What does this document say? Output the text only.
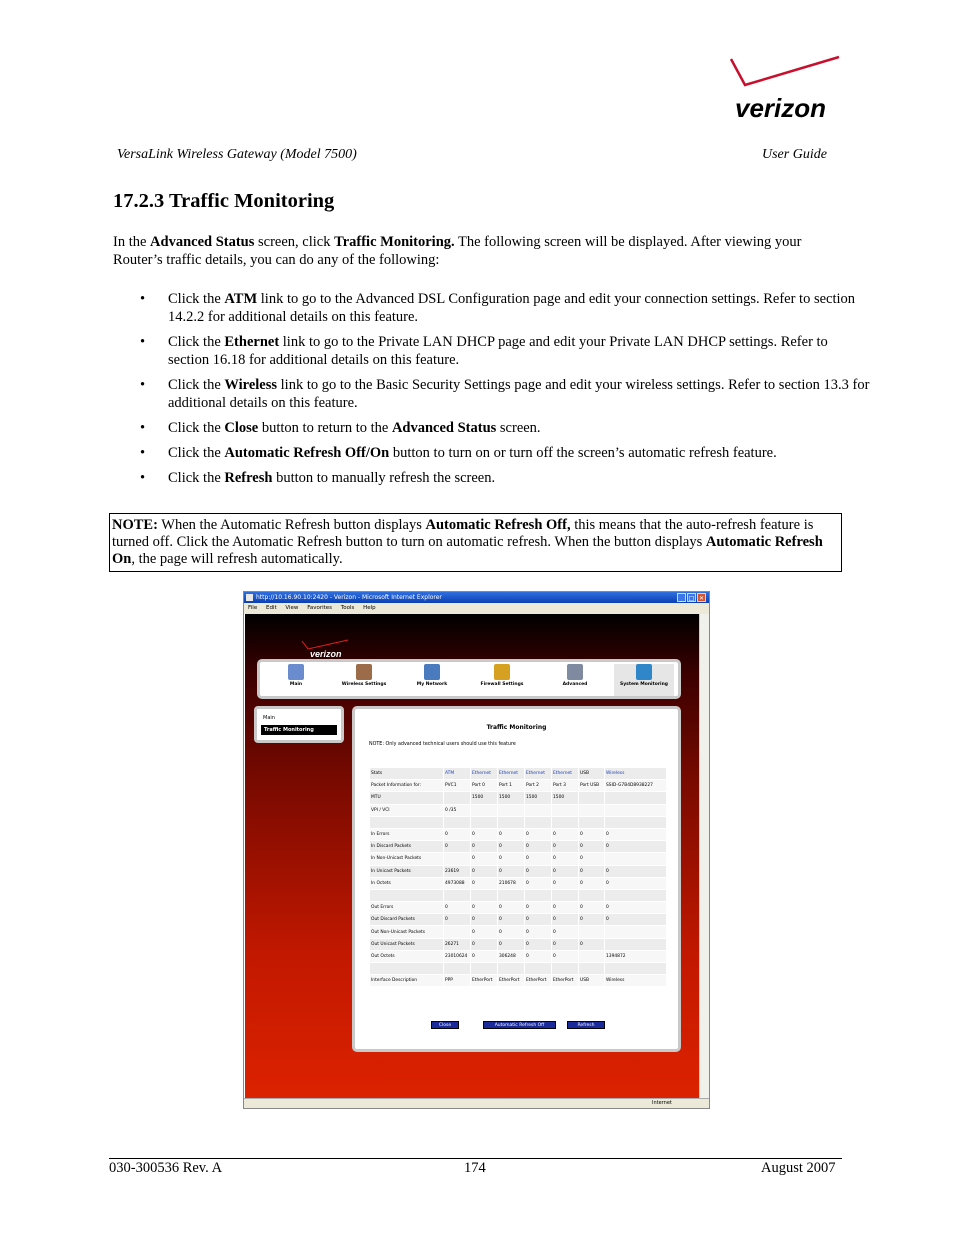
verizon
VersaLink Wireless Gateway (Model 7500)	User Guide
17.2.3 Traffic Monitoring
In the Advanced Status screen, click Traffic Monitoring. The following screen will be displayed. After viewing your Router’s traffic details, you can do any of the following:
• Click the ATM link to go to the Advanced DSL Configuration page and edit your connection settings. Refer to section 14.2.2 for additional details on this feature.
• Click the Ethernet link to go to the Private LAN DHCP page and edit your Private LAN DHCP settings. Refer to section 16.18 for additional details on this feature.
• Click the Wireless link to go to the Basic Security Settings page and edit your wireless settings. Refer to section 13.3 for additional details on this feature.
• Click the Close button to return to the Advanced Status screen.
• Click the Automatic Refresh Off/On button to turn on or turn off the screen’s automatic refresh feature.
• Click the Refresh button to manually refresh the screen.
NOTE: When the Automatic Refresh button displays Automatic Refresh Off, this means that the auto-refresh feature is turned off. Click the Automatic Refresh button to turn on automatic refresh. When the button displays Automatic Refresh On, the page will refresh automatically.
http://10.16.90.10:2420 - Verizon - Microsoft Internet Explorer	_ □ ✕
File Edit View Favorites Tools Help
verizon
Main	Wireless Settings	My Network	Firewall Settings	Advanced	System Monitoring
Main
Traffic Monitoring	Traffic Monitoring
NOTE: Only advanced technical users should use this feature
Stats	ATM	Ethernet	Ethernet	Ethernet	Ethernet	USB	Wireless
Packet Information for:	PVC1	Port 0	Port 1	Port 2	Port 3	Port USB	SSID-G7B4D8938227
MTU		1500	1500	1500	1500		
VPI / VCI	0 /35						

In Errors	0	0	0	0	0	0	0
In Discard Packets	0	0	0	0	0	0	0
In Non-Unicast Packets		0	0	0	0	0	
In Unicast Packets	23619	0	0	0	0	0	0
In Octets	4973088	0	210678	0	0	0	0

Out Errors	0	0	0	0	0	0	0
Out Discard Packets	0	0	0	0	0	0	0
Out Non-Unicast Packets		0	0	0	0		
Out Unicast Packets	26271	0	0	0	0	0	
Out Octets	23010624	0	306248	0	0		1394872

Interface Description	PPP	EtherPort	EtherPort	EtherPort	EtherPort	USB	Wireless
Close	Automatic Refresh Off	Refresh
Internet
030-300536 Rev. A	174	August 2007
